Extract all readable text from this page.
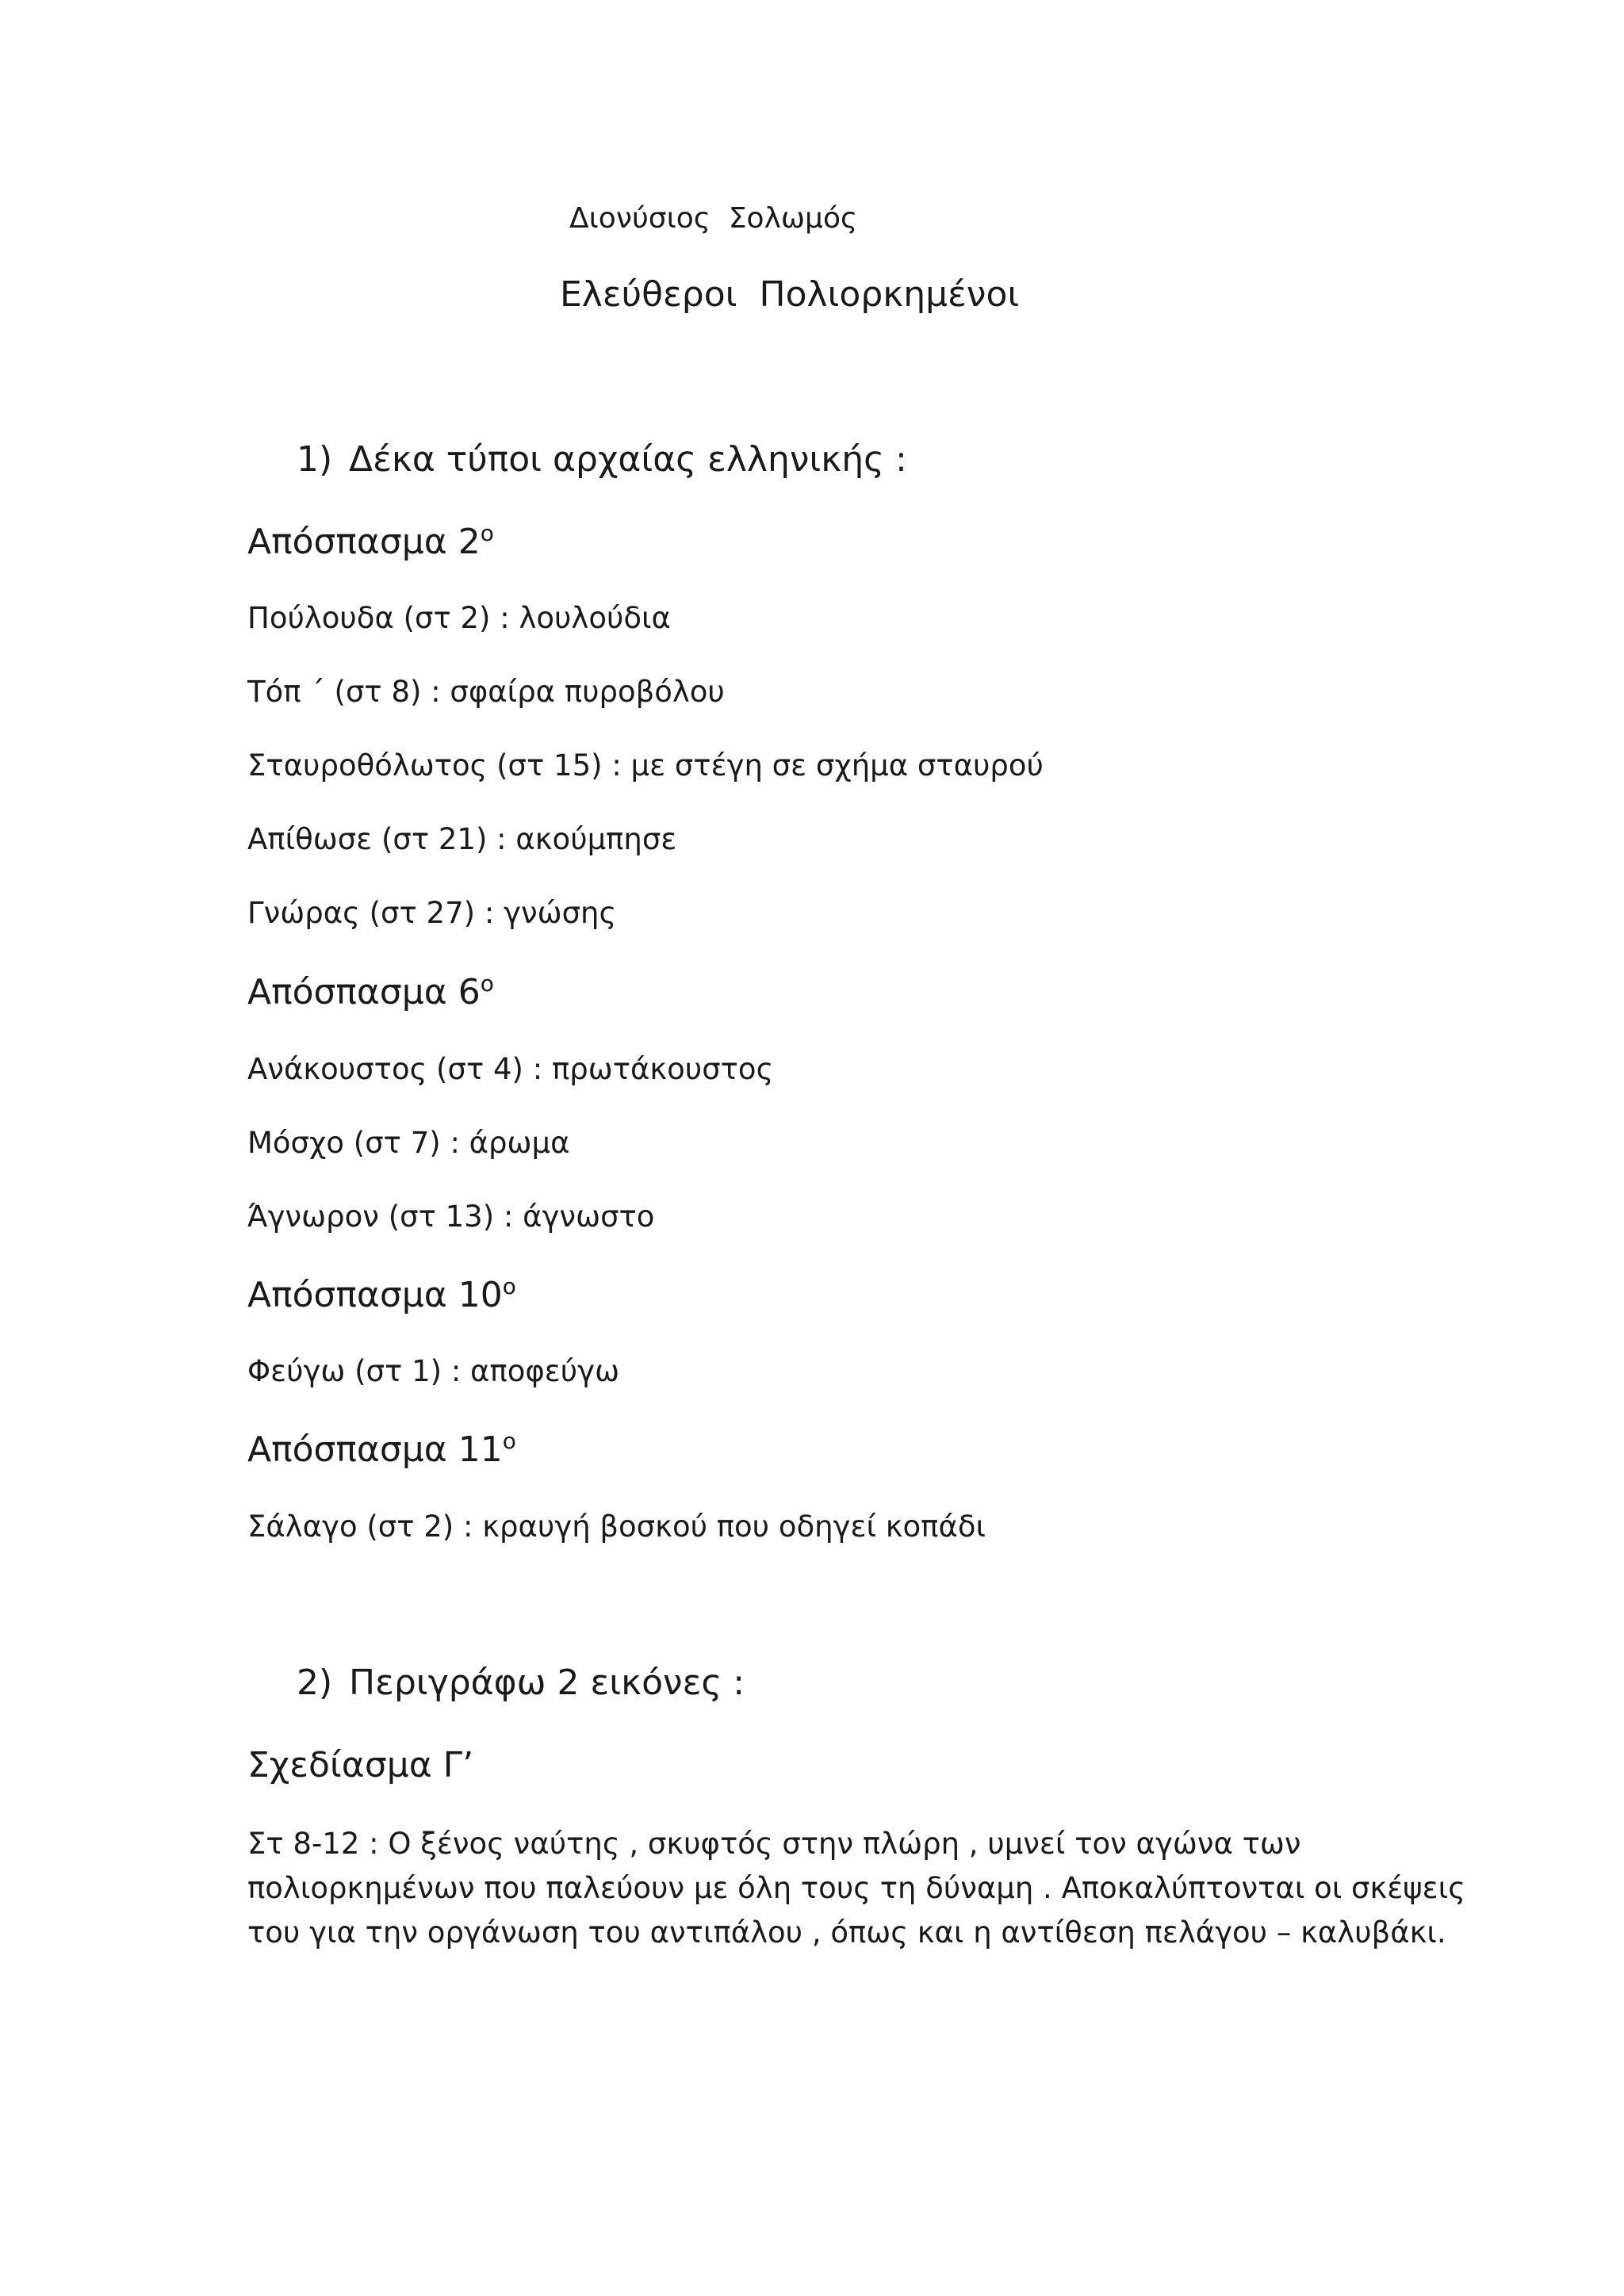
Διονύσιος  Σολωμός
Ελεύθεροι  Πολιορκημένοι
1) Δέκα τύποι αρχαίας ελληνικής :
Απόσπασμα $2^o$
Πούλουδα (στ 2) : λουλούδια
Τόπ ΄ (στ 8) : σφαίρα πυροβόλου
Σταυροθόλωτος (στ 15) : με στέγη σε σχήμα σταυρού
Απίθωσε (στ 21) : ακούμπησε
Γνώρας (στ 27) : γνώσης
Απόσπασμα $6^o$
Ανάκουστος (στ 4) : πρωτάκουστος
Μόσχο (στ 7) : άρωμα
Άγνωρον (στ 13) : άγνωστο
Απόσπασμα $10^o$
Φεύγω (στ 1) : αποφεύγω
Απόσπασμα $11^o$
Σάλαγο (στ 2) : κραυγή βοσκού που οδηγεί κοπάδι
2) Περιγράφω 2 εικόνες :
Σχεδίασμα Γ’
Στ 8-12 : Ο ξένος ναύτης , σκυφτός στην πλώρη , υμνεί τον αγώνα των
πολιορκημένων που παλεύουν με όλη τους τη δύναμη . Αποκαλύπτονται οι σκέψεις
του για την οργάνωση του αντιπάλου , όπως και η αντίθεση πελάγου – καλυβάκι.
